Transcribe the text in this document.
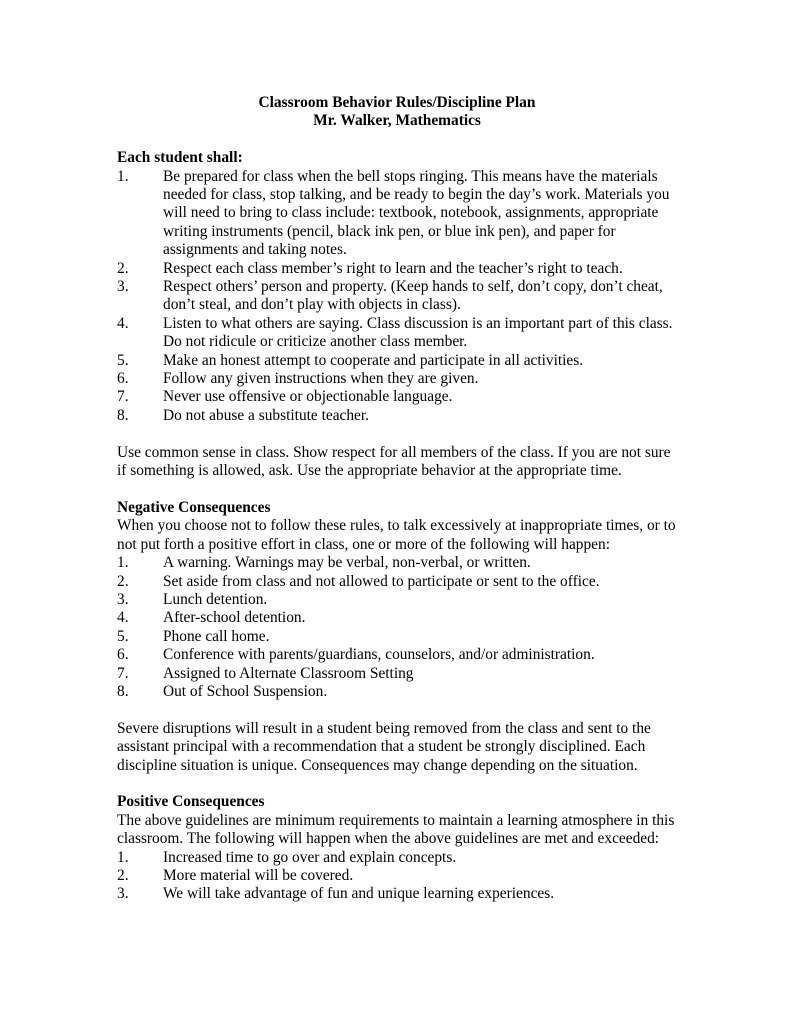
Classroom Behavior Rules/Discipline Plan

Mr. Walker, Mathematics

Each student shall:

1. Be prepared for class when the bell stops ringing. This means have the materials needed for class, stop talking, and be ready to begin the day’s work. Materials you will need to bring to class include: textbook, notebook, assignments, appropriate writing instruments (pencil, black ink pen, or blue ink pen), and paper for assignments and taking notes.
2. Respect each class member’s right to learn and the teacher’s right to teach.
3. Respect others’ person and property. (Keep hands to self, don’t copy, don’t cheat, don’t steal, and don’t play with objects in class).
4. Listen to what others are saying. Class discussion is an important part of this class. Do not ridicule or criticize another class member.
5. Make an honest attempt to cooperate and participate in all activities.
6. Follow any given instructions when they are given.
7. Never use offensive or objectionable language.
8. Do not abuse a substitute teacher.

Use common sense in class. Show respect for all members of the class. If you are not sure if something is allowed, ask. Use the appropriate behavior at the appropriate time.

Negative Consequences

When you choose not to follow these rules, to talk excessively at inappropriate times, or to not put forth a positive effort in class, one or more of the following will happen:

1. A warning. Warnings may be verbal, non-verbal, or written.
2. Set aside from class and not allowed to participate or sent to the office.
3. Lunch detention.
4. After-school detention.
5. Phone call home.
6. Conference with parents/guardians, counselors, and/or administration.
7. Assigned to Alternate Classroom Setting
8. Out of School Suspension.

Severe disruptions will result in a student being removed from the class and sent to the assistant principal with a recommendation that a student be strongly disciplined. Each discipline situation is unique. Consequences may change depending on the situation.

Positive Consequences

The above guidelines are minimum requirements to maintain a learning atmosphere in this classroom. The following will happen when the above guidelines are met and exceeded:

1. Increased time to go over and explain concepts.
2. More material will be covered.
3. We will take advantage of fun and unique learning experiences.
